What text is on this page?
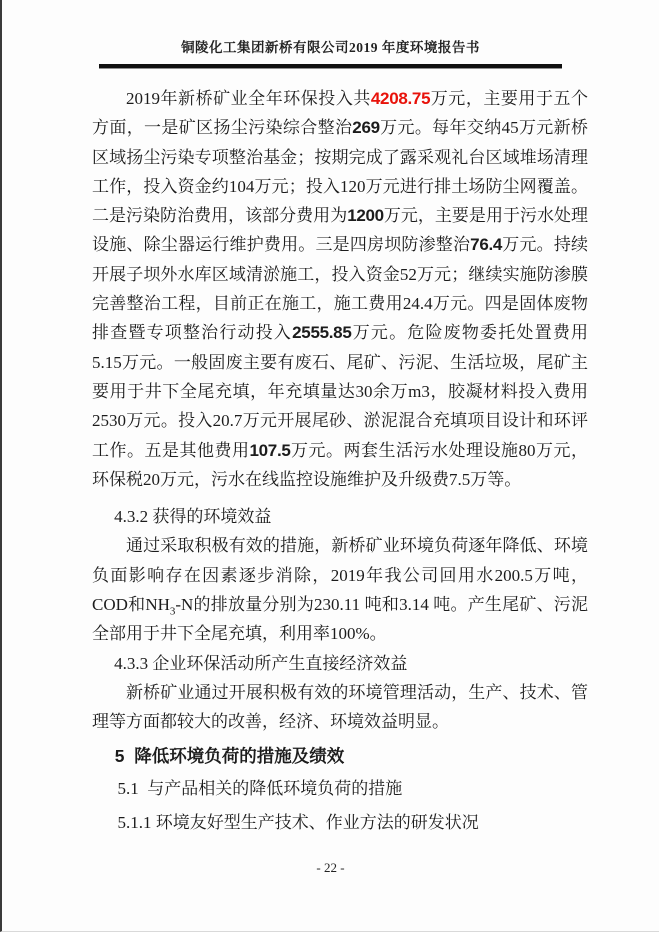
铜陵化工集团新桥有限公司2019 年度环境报告书

2019年新桥矿业全年环保投入共4208.75万元，主要用于五个方面，一是矿区扬尘污染综合整治269万元。每年交纳45万元新桥区域扬尘污染专项整治基金；按期完成了露采观礼台区域堆场清理工作，投入资金约104万元；投入120万元进行排土场防尘网覆盖。二是污染防治费用，该部分费用为1200万元，主要是用于污水处理设施、除尘器运行维护费用。三是四房坝防渗整治76.4万元。持续开展子坝外水库区域清淤施工，投入资金52万元；继续实施防渗膜完善整治工程，目前正在施工，施工费用24.4万元。四是固体废物排查暨专项整治行动投入2555.85万元。危险废物委托处置费用5.15万元。一般固废主要有废石、尾矿、污泥、生活垃圾，尾矿主要用于井下全尾充填，年充填量达30余万m3，胶凝材料投入费用2530万元。投入20.7万元开展尾砂、淤泥混合充填项目设计和环评工作。五是其他费用107.5万元。两套生活污水处理设施80万元，环保税20万元，污水在线监控设施维护及升级费7.5万等。

4.3.2 获得的环境效益

通过采取积极有效的措施，新桥矿业环境负荷逐年降低、环境负面影响存在因素逐步消除，2019年我公司回用水200.5万吨，COD和$NH_3-N$的排放量分别为230.11 吨和3.14 吨。产生尾矿、污泥全部用于井下全尾充填，利用率100%。

4.3.3 企业环保活动所产生直接经济效益

新桥矿业通过开展积极有效的环境管理活动，生产、技术、管理等方面都较大的改善，经济、环境效益明显。

5  降低环境负荷的措施及绩效

5.1  与产品相关的降低环境负荷的措施

5.1.1 环境友好型生产技术、作业方法的研发状况

- 22 -
